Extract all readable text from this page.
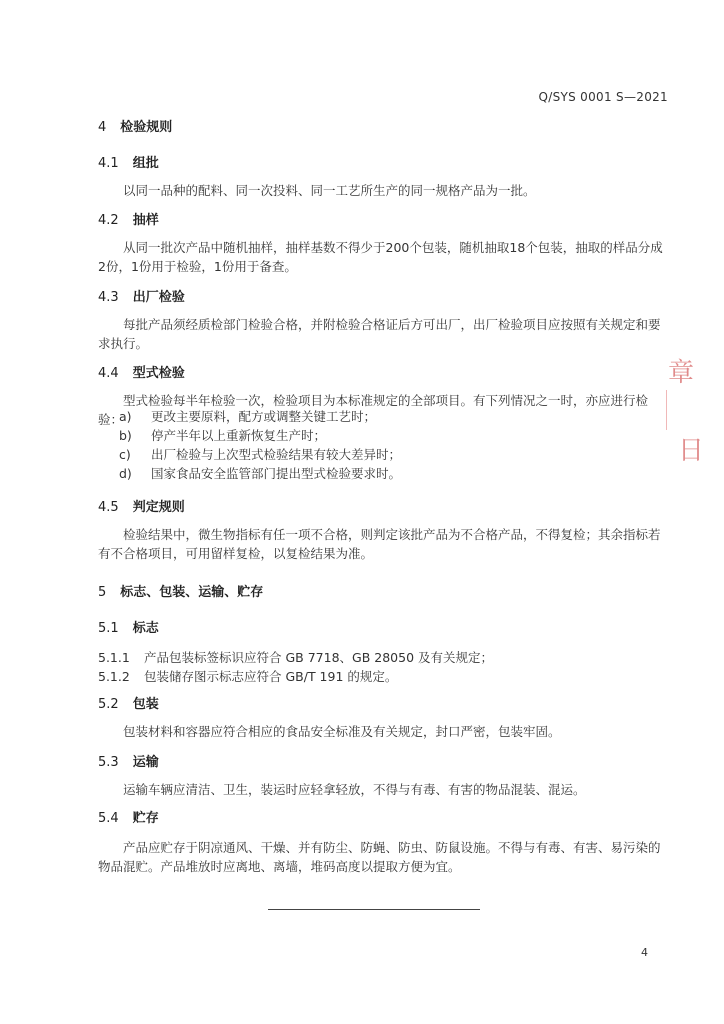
Q/SYS 0001 S—2021
4 检验规则
4.1 组批
以同一品种的配料、同一次投料、同一工艺所生产的同一规格产品为一批。
4.2 抽样
从同一批次产品中随机抽样，抽样基数不得少于200个包装，随机抽取18个包装，抽取的样品分成2份，1份用于检验，1份用于备查。
4.3 出厂检验
每批产品须经质检部门检验合格，并附检验合格证后方可出厂，出厂检验项目应按照有关规定和要求执行。
4.4 型式检验
型式检验每半年检验一次，检验项目为本标准规定的全部项目。有下列情况之一时，亦应进行检验：
a)	更改主要原料，配方或调整关键工艺时；
b)	停产半年以上重新恢复生产时；
c)	出厂检验与上次型式检验结果有较大差异时；
d)	国家食品安全监管部门提出型式检验要求时。
4.5 判定规则
检验结果中，微生物指标有任一项不合格，则判定该批产品为不合格产品，不得复检；其余指标若有不合格项目，可用留样复检，以复检结果为准。
5 标志、包装、运输、贮存
5.1 标志
5.1.1 产品包装标签标识应符合 GB 7718、GB 28050 及有关规定；
5.1.2 包装储存图示标志应符合 GB/T 191 的规定。
5.2 包装
包装材料和容器应符合相应的食品安全标准及有关规定，封口严密，包装牢固。
5.3 运输
运输车辆应清洁、卫生，装运时应轻拿轻放，不得与有毒、有害的物品混装、混运。
5.4 贮存
产品应贮存于阴凉通风、干燥、并有防尘、防蝇、防虫、防鼠设施。不得与有毒、有害、易污染的物品混贮。产品堆放时应离地、离墙，堆码高度以提取方便为宜。
4
章
日
